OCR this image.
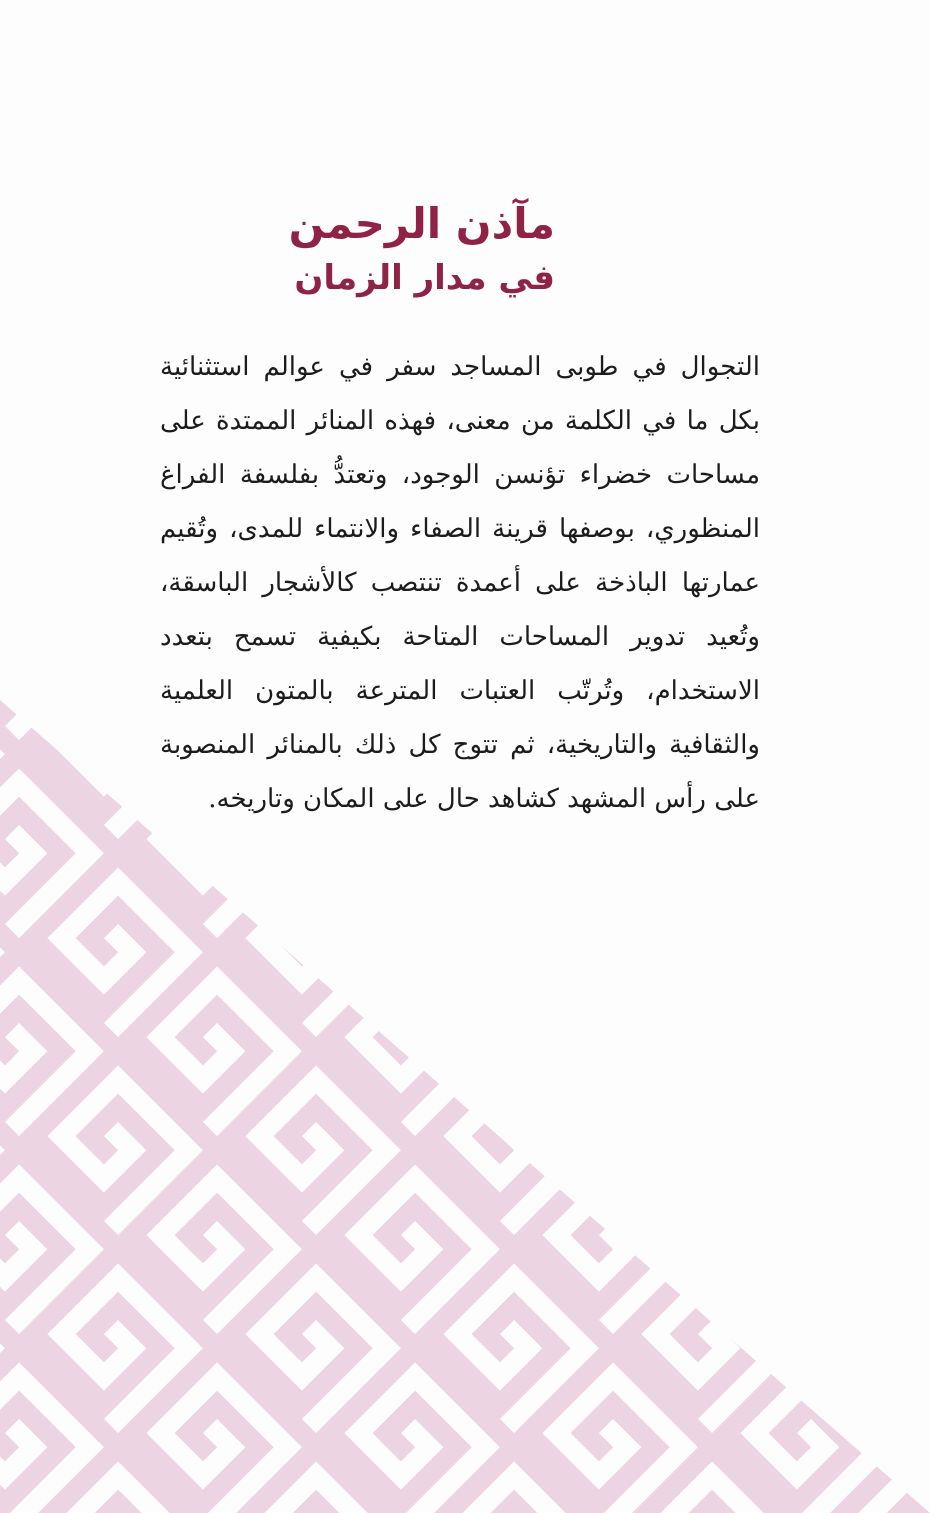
مآذن الرحمن
في مدار الزمان

التجوال في طوبى المساجد سفر في عوالم استثنائية بكل ما في الكلمة من معنى، فهذه المنائر الممتدة على مساحات خضراء تؤنسن الوجود، وتعتدُّ بفلسفة الفراغ المنظوري، بوصفها قرينة الصفاء والانتماء للمدى، وتُقيم عمارتها الباذخة على أعمدة تنتصب كالأشجار الباسقة، وتُعيد تدوير المساحات المتاحة بكيفية تسمح بتعدد الاستخدام، وتُرتّب العتبات المترعة بالمتون العلمية والثقافية والتاريخية، ثم تتوج كل ذلك بالمنائر المنصوبة على رأس المشهد كشاهد حال على المكان وتاريخه.
